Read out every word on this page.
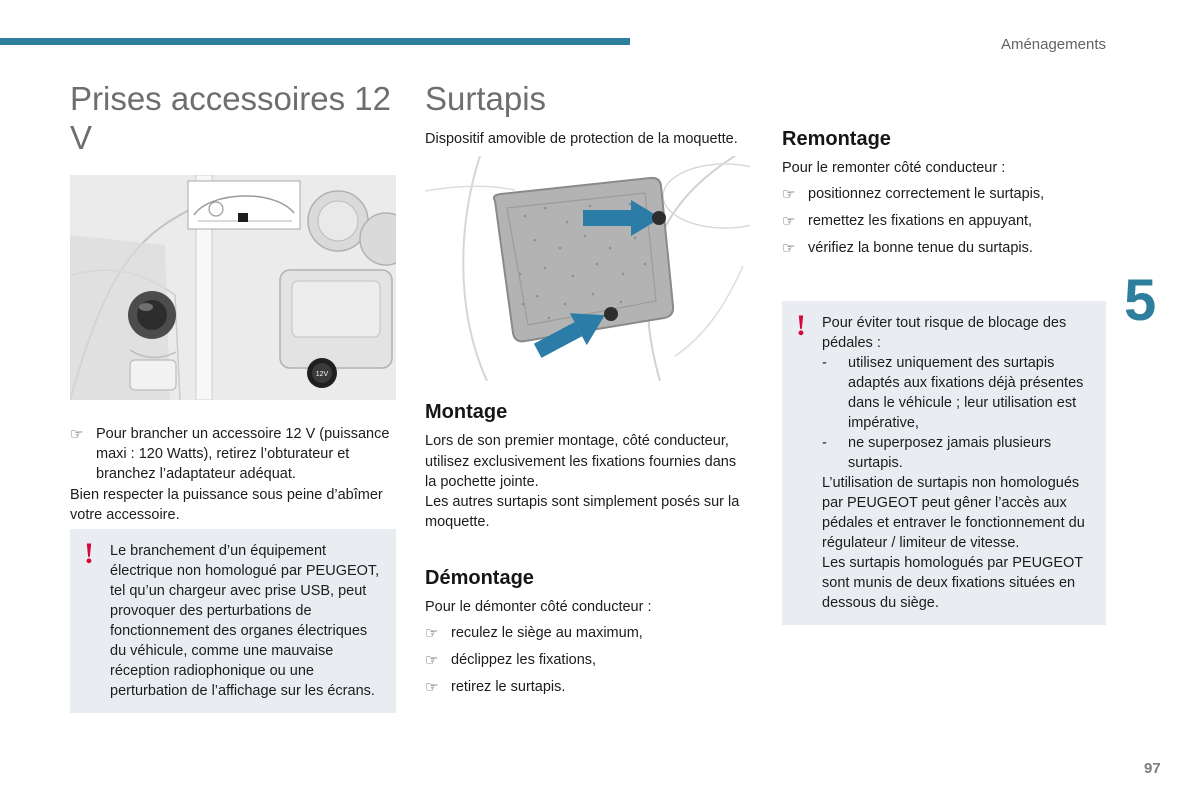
Aménagements
5
97
Prises accessoires 12 V
12V
☞ Pour brancher un accessoire 12 V (puissance maxi : 120 Watts), retirez l’obturateur et branchez l’adaptateur adéquat.

Bien respecter la puissance sous peine d’abîmer votre accessoire.

!	Le branchement d’un équipement électrique non homologué par PEUGEOT, tel qu’un chargeur avec prise USB, peut provoquer des perturbations de fonctionnement des organes électriques du véhicule, comme une mauvaise réception radiophonique ou une perturbation de l’affichage sur les écrans.
Surtapis

Dispositif amovible de protection de la moquette.

Montage

Lors de son premier montage, côté conducteur, utilisez exclusivement les fixations fournies dans la pochette jointe.

Les autres surtapis sont simplement posés sur la moquette.

Démontage

Pour le démonter côté conducteur :

☞ reculez le siège au maximum,
☞ déclippez les fixations,
☞ retirez le surtapis.
Remontage

Pour le remonter côté conducteur :

☞ positionnez correctement le surtapis,
☞ remettez les fixations en appuyant,
☞ vérifiez la bonne tenue du surtapis.
!	Pour éviter tout risque de blocage des pédales :

-	utilisez uniquement des surtapis adaptés aux fixations déjà présentes dans le véhicule ; leur utilisation est impérative,
-	ne superposez jamais plusieurs surtapis.

L’utilisation de surtapis non homologués par PEUGEOT peut gêner l’accès aux pédales et entraver le fonctionnement du régulateur / limiteur de vitesse.

Les surtapis homologués par PEUGEOT sont munis de deux fixations situées en dessous du siège.
